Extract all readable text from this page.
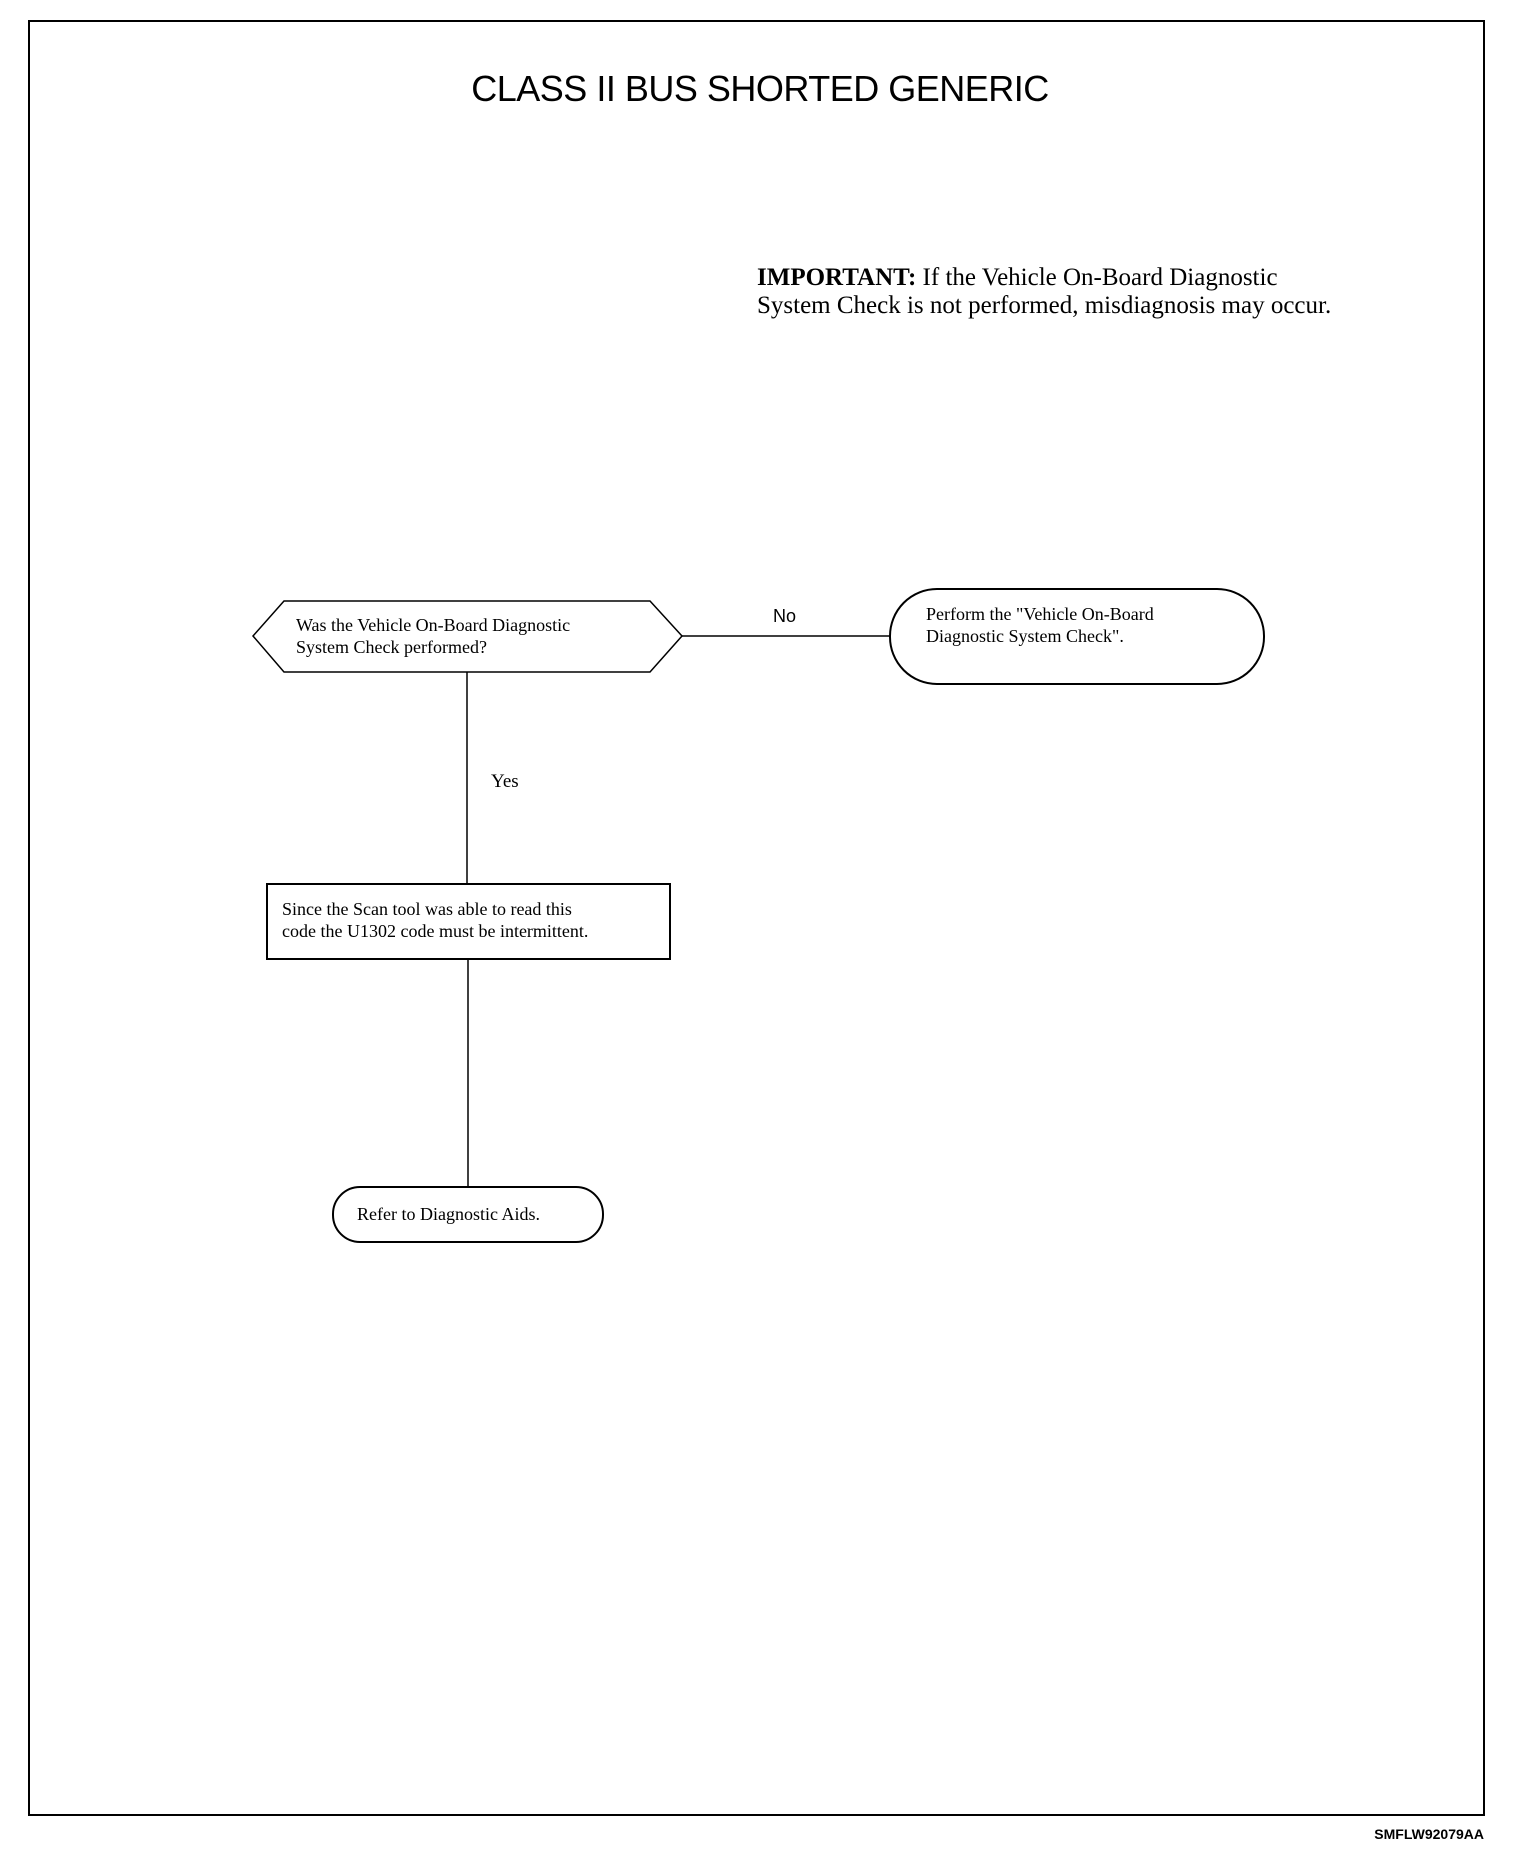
CLASS II BUS SHORTED GENERIC
IMPORTANT: If the Vehicle On-Board Diagnostic
System Check is not performed, misdiagnosis may occur.
Was the Vehicle On-Board Diagnostic
System Check performed?
No	Perform the "Vehicle On-Board
Diagnostic System Check".
Yes
Since the Scan tool was able to read this
code the U1302 code must be intermittent.
Refer to Diagnostic Aids.
SMFLW92079AA
